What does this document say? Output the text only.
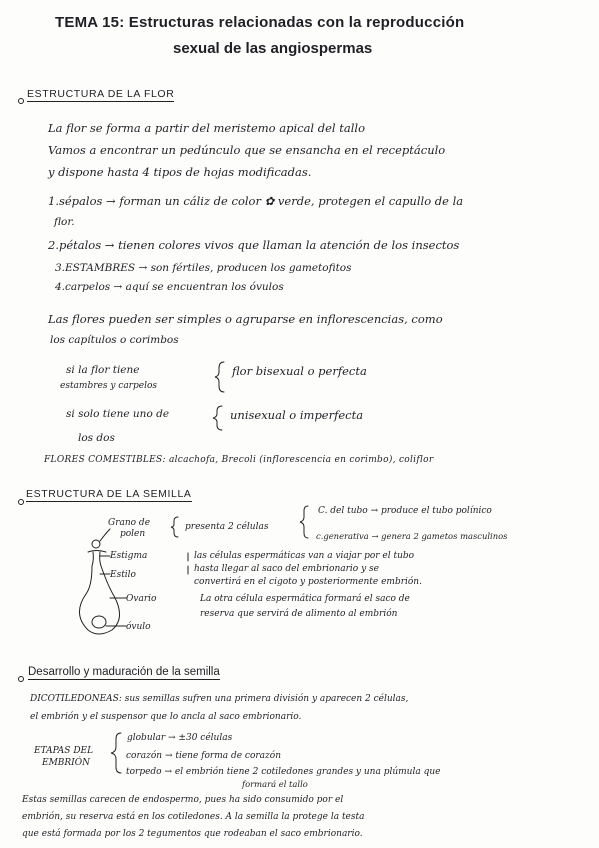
TEMA 15: Estructuras relacionadas con la reproducción
sexual de las angiospermas
ESTRUCTURA DE LA FLOR
La flor se forma a partir del meristemo apical del tallo
Vamos a encontrar un pedúnculo que se ensancha en el receptáculo
y dispone hasta 4 tipos de hojas modificadas.
1.sépalos → forman un cáliz de color ✿ verde, protegen el capullo de la
flor.
2.pétalos → tienen colores vivos que llaman la atención de los insectos
3.ESTAMBRES → son fértiles, producen los gametofitos
4.carpelos → aquí se encuentran los óvulos
Las flores pueden ser simples o agruparse en inflorescencias, como
los capítulos o corimbos
si la flor tiene
estambres y carpelos
flor bisexual o perfecta
si solo tiene uno de
los dos
unisexual o imperfecta
FLORES COMESTIBLES: alcachofa, Brecoli (inflorescencia en corimbo), coliflor
ESTRUCTURA DE LA SEMILLA
Grano de
polen
presenta 2 células
C. del tubo → produce el tubo polínico
c.generativa → genera 2 gametos masculinos
Estigma
Estilo
Ovario
óvulo
las células espermáticas van a viajar por el tubo
hasta llegar al saco del embrionario y se
convertirá en el cigoto y posteriormente embrión.
La otra célula espermática formará el saco de
reserva que servirá de alimento al embrión
Desarrollo y maduración de la semilla
DICOTILEDONEAS: sus semillas sufren una primera división y aparecen 2 células,
el embrión y el suspensor que lo ancla al saco embrionario.
ETAPAS DEL
EMBRIÓN
globular → ±30 células
corazón → tiene forma de corazón
torpedo → el embrión tiene 2 cotiledones grandes y una plúmula que
formará el tallo
Estas semillas carecen de endospermo, pues ha sido consumido por el
embrión, su reserva está en los cotiledones. A la semilla la protege la testa
que está formada por los 2 tegumentos que rodeaban el saco embrionario.
